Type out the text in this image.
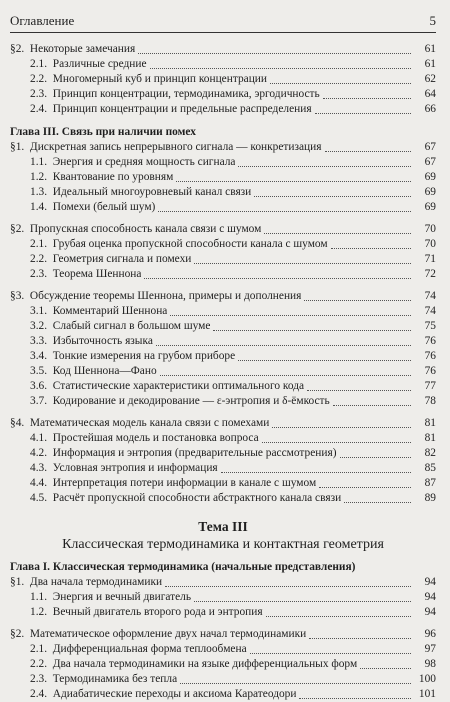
Оглавление	5
§2. Некоторые замечания	61
2.1. Различные средние	61
2.2. Многомерный куб и принцип концентрации	62
2.3. Принцип концентрации, термодинамика, эргодичность	64
2.4. Принцип концентрации и предельные распределения	66
Глава III. Связь при наличии помех
§1. Дискретная запись непрерывного сигнала — конкретизация	67
1.1. Энергия и средняя мощность сигнала	67
1.2. Квантование по уровням	69
1.3. Идеальный многоуровневый канал связи	69
1.4. Помехи (белый шум)	69
§2. Пропускная способность канала связи с шумом	70
2.1. Грубая оценка пропускной способности канала с шумом	70
2.2. Геометрия сигнала и помехи	71
2.3. Теорема Шеннона	72
§3. Обсуждение теоремы Шеннона, примеры и дополнения	74
3.1. Комментарий Шеннона	74
3.2. Слабый сигнал в большом шуме	75
3.3. Избыточность языка	76
3.4. Тонкие измерения на грубом приборе	76
3.5. Код Шеннона—Фано	76
3.6. Статистические характеристики оптимального кода	77
3.7. Кодирование и декодирование — ε-энтропия и δ-ёмкость	78
§4. Математическая модель канала связи с помехами	81
4.1. Простейшая модель и постановка вопроса	81
4.2. Информация и энтропия (предварительные рассмотрения)	82
4.3. Условная энтропия и информация	85
4.4. Интерпретация потери информации в канале с шумом	87
4.5. Расчёт пропускной способности абстрактного канала связи	89
Тема III
Классическая термодинамика и контактная геометрия
Глава I. Классическая термодинамика (начальные представления)
§1. Два начала термодинамики	94
1.1. Энергия и вечный двигатель	94
1.2. Вечный двигатель второго рода и энтропия	94
§2. Математическое оформление двух начал термодинамики	96
2.1. Дифференциальная форма теплообмена	97
2.2. Два начала термодинамики на языке дифференциальных форм	98
2.3. Термодинамика без тепла	100
2.4. Адиабатические переходы и аксиома Каратеодори	101
